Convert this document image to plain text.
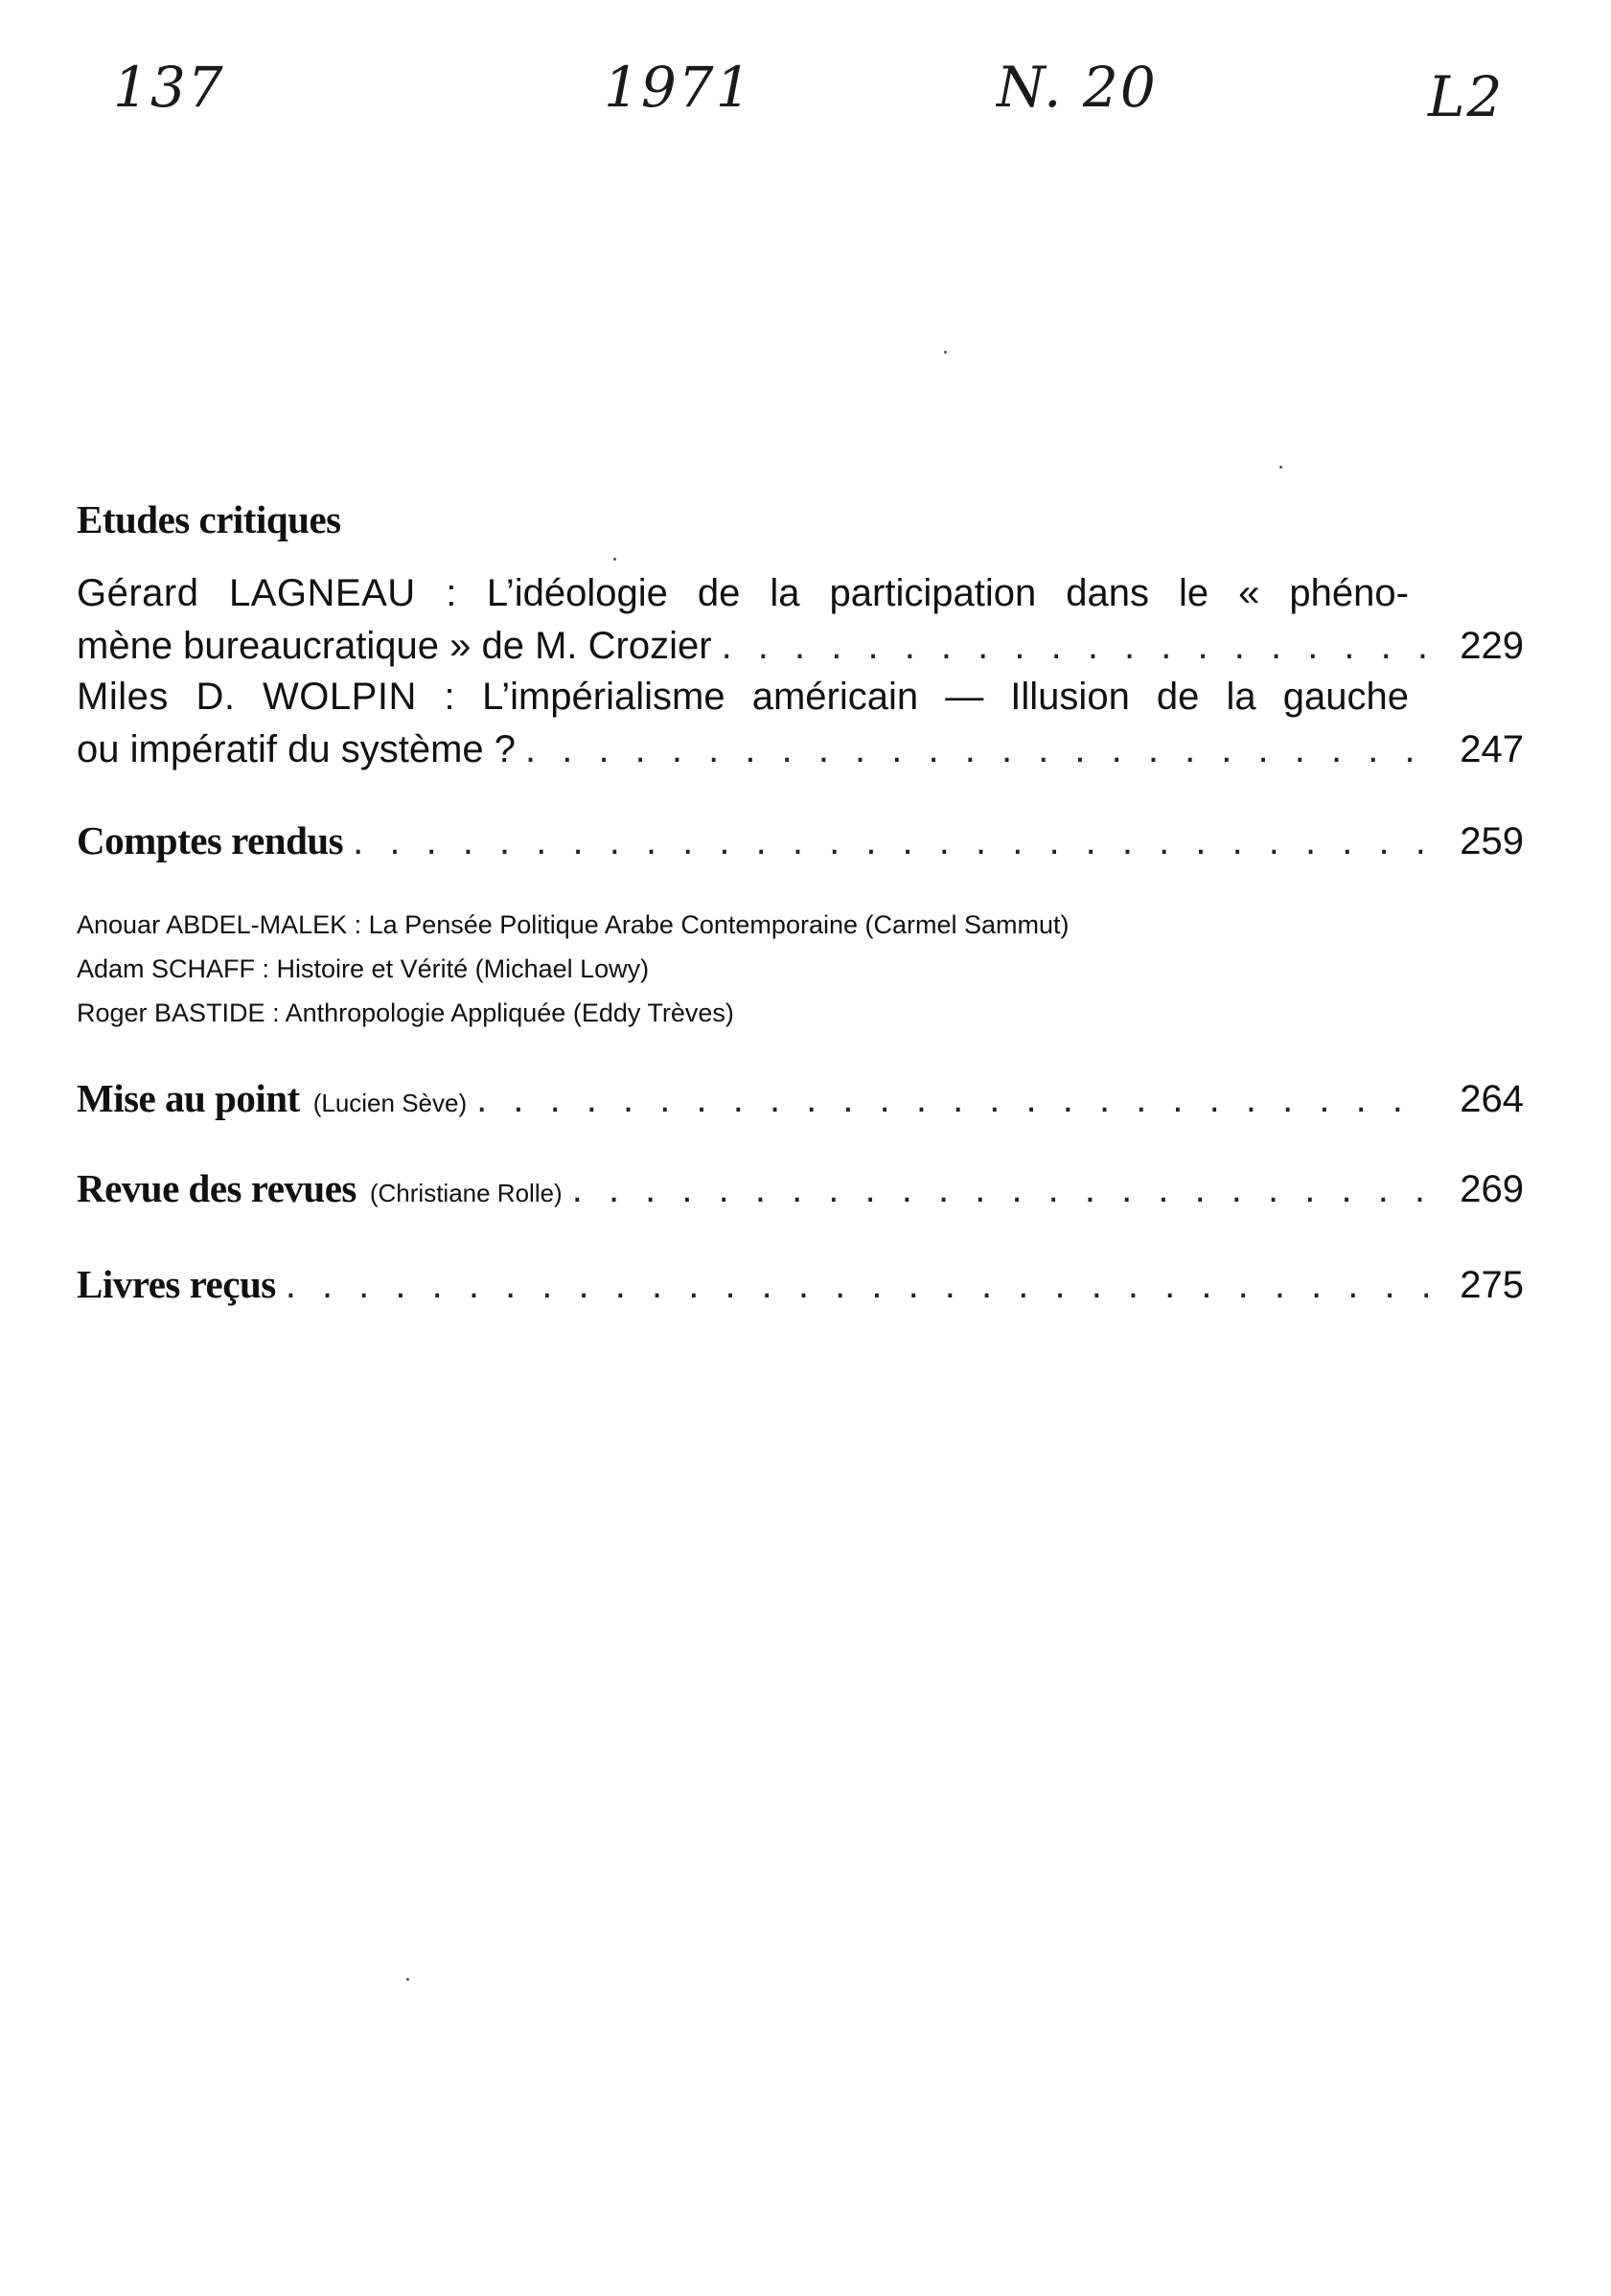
137	1971	N. 20	L2
Etudes critiques
Gérard LAGNEAU : L’idéologie de la participation dans le « phéno-
mène bureaucratique » de M. Crozier . . .	229
Miles D. WOLPIN : L’impérialisme américain — Illusion de la gauche
ou impératif du système ? . . .	247
Comptes rendus . . .	259
Anouar ABDEL-MALEK : La Pensée Politique Arabe Contemporaine (Carmel Sammut)
Adam SCHAFF : Histoire et Vérité (Michael Lowy)
Roger BASTIDE : Anthropologie Appliquée (Eddy Trèves)
Mise au point (Lucien Sève) . . .	264
Revue des revues (Christiane Rolle) . . .	269
Livres reçus . . .	275
